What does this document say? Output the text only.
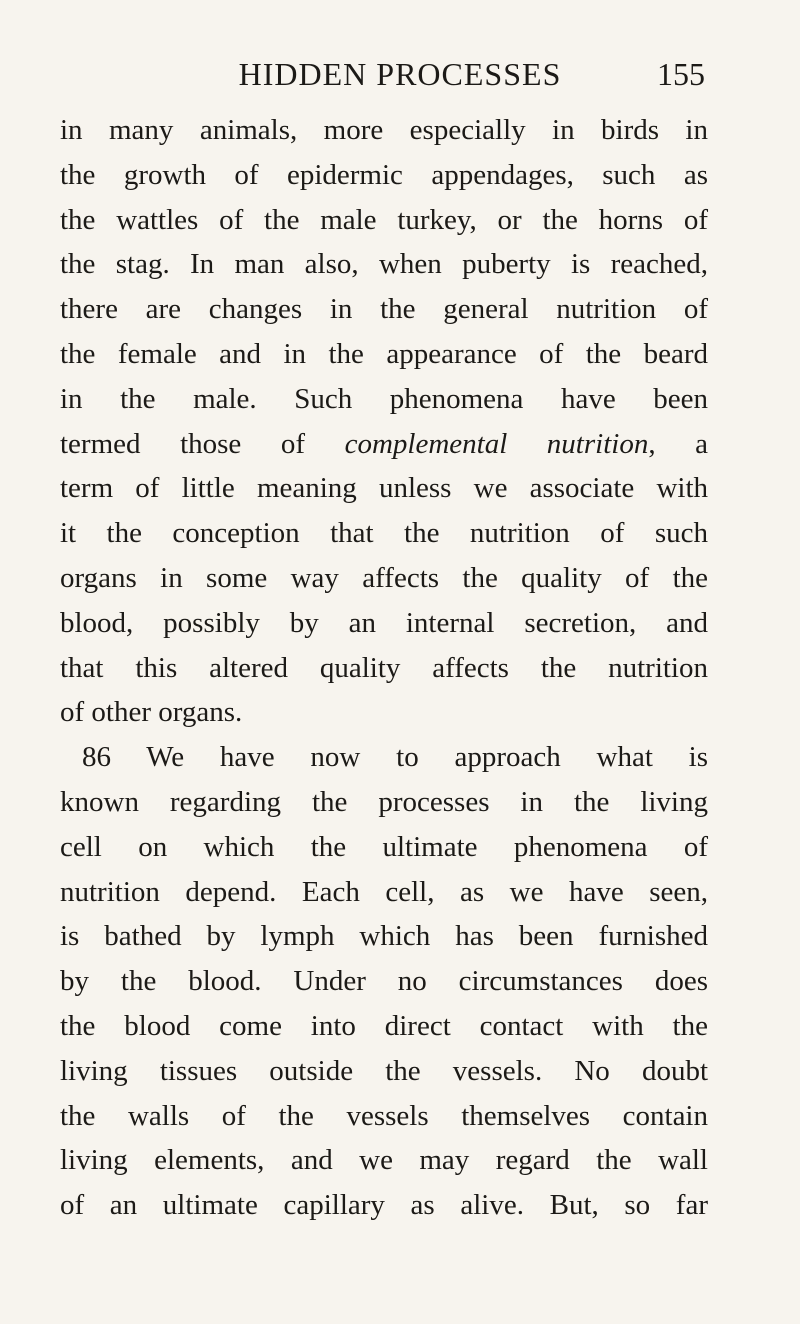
HIDDEN PROCESSES	155
in many animals, more especially in birds in
the growth of epidermic appendages, such as
the wattles of the male turkey, or the horns of
the stag. In man also, when puberty is reached,
there are changes in the general nutrition of
the female and in the appearance of the beard
in the male. Such phenomena have been
termed those of complemental nutrition, a
term of little meaning unless we associate with
it the conception that the nutrition of such
organs in some way affects the quality of the
blood, possibly by an internal secretion, and
that this altered quality affects the nutrition
of other organs.
86 We have now to approach what is
known regarding the processes in the living
cell on which the ultimate phenomena of
nutrition depend. Each cell, as we have seen,
is bathed by lymph which has been furnished
by the blood. Under no circumstances does
the blood come into direct contact with the
living tissues outside the vessels. No doubt
the walls of the vessels themselves contain
living elements, and we may regard the wall
of an ultimate capillary as alive. But, so far
